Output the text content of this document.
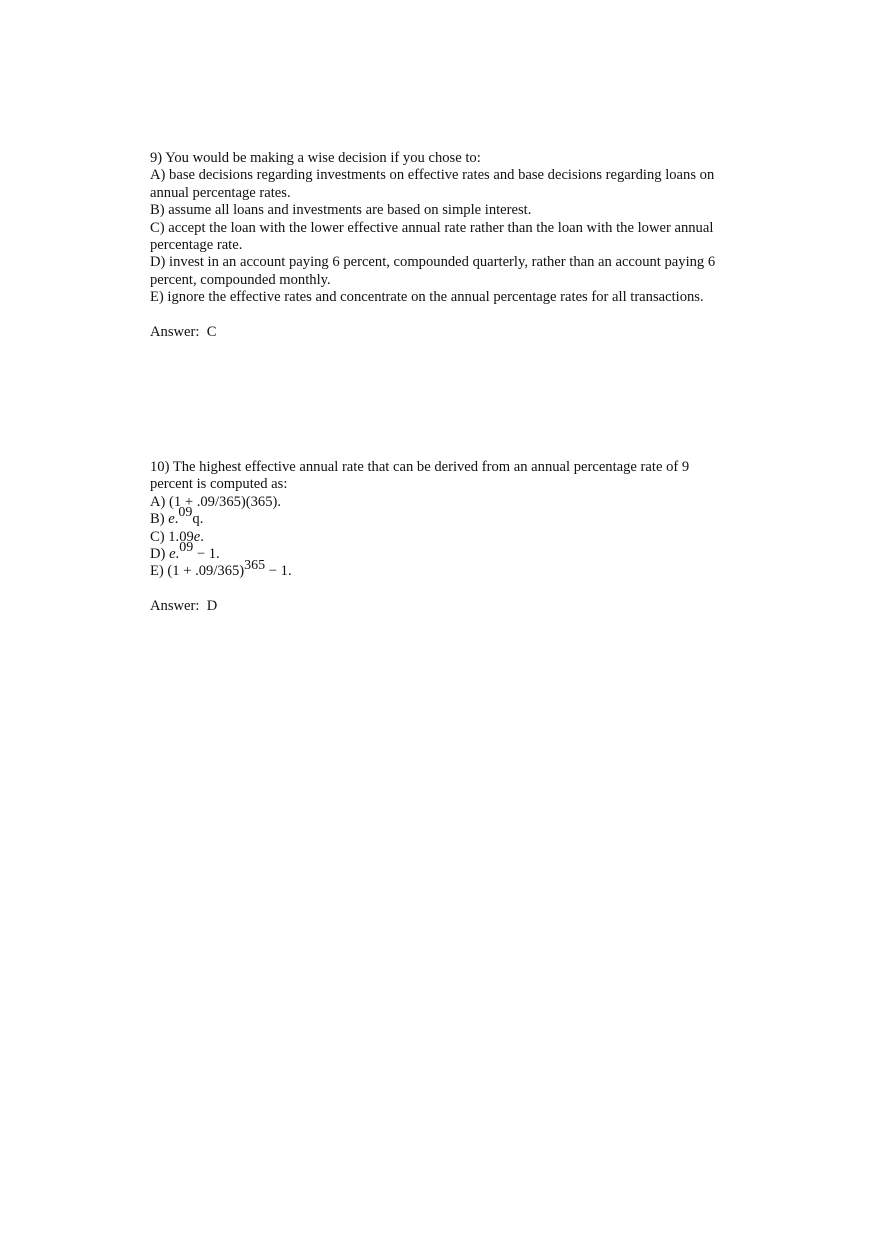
9) You would be making a wise decision if you chose to:
A) base decisions regarding investments on effective rates and base decisions regarding loans on
annual percentage rates.
B) assume all loans and investments are based on simple interest.
C) accept the loan with the lower effective annual rate rather than the loan with the lower annual
percentage rate.
D) invest in an account paying 6 percent, compounded quarterly, rather than an account paying 6
percent, compounded monthly.
E) ignore the effective rates and concentrate on the annual percentage rates for all transactions.
Answer:  C
10) The highest effective annual rate that can be derived from an annual percentage rate of 9
percent is computed as:
A) (1 + .09/365)(365).
B) e.$^{09}$q.
C) 1.09e.
D) e.$^{09}$ − 1.
E) $(1 + .09/365)^{365} - 1$.
Answer:  D
